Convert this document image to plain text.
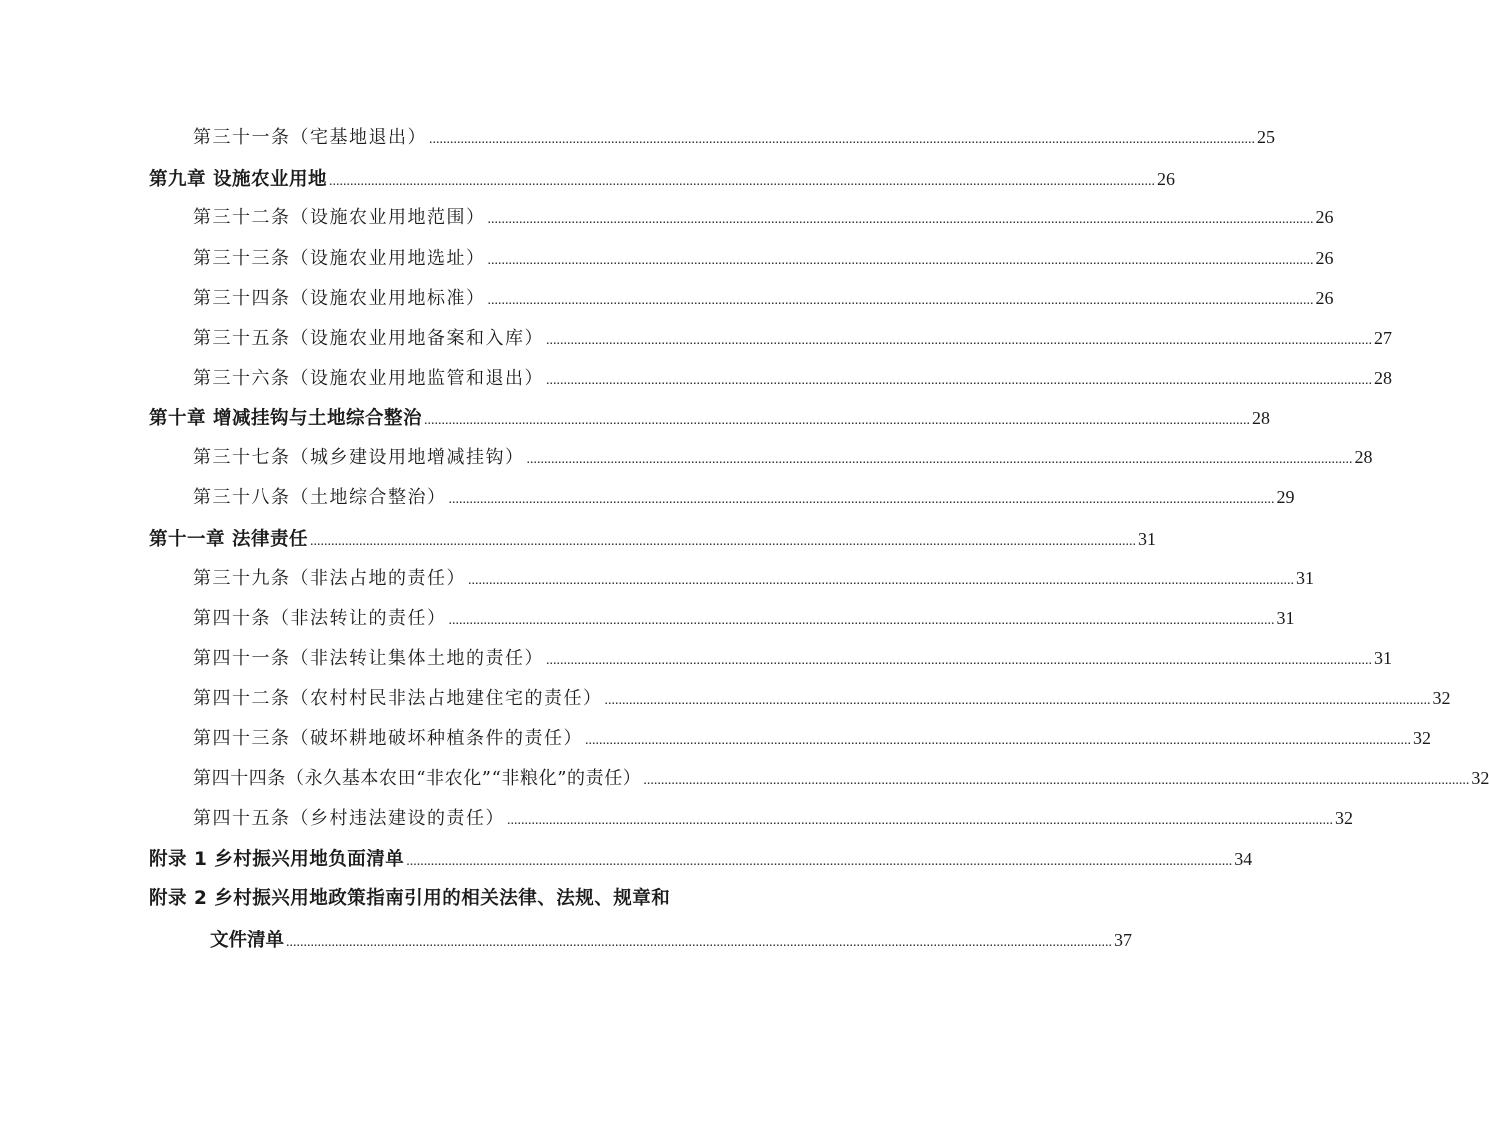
第三十一条（宅基地退出） .....	25
第九章 设施农业用地 .....	26
第三十二条（设施农业用地范围） .....	26
第三十三条（设施农业用地选址） .....	26
第三十四条（设施农业用地标准） .....	26
第三十五条（设施农业用地备案和入库） .....	27
第三十六条（设施农业用地监管和退出） .....	28
第十章 增减挂钩与土地综合整治 .....	28
第三十七条（城乡建设用地增减挂钩） .....	28
第三十八条（土地综合整治） .....	29
第十一章 法律责任 .....	31
第三十九条（非法占地的责任） .....	31
第四十条（非法转让的责任） .....	31
第四十一条（非法转让集体土地的责任） .....	31
第四十二条（农村村民非法占地建住宅的责任） .....	32
第四十三条（破坏耕地破坏种植条件的责任） .....	32
第四十四条（永久基本农田“非农化”“非粮化”的责任） .....	32
第四十五条（乡村违法建设的责任） .....	32
附录 1 乡村振兴用地负面清单 .....	34
附录 2 乡村振兴用地政策指南引用的相关法律、法规、规章和
文件清单 .....	37
